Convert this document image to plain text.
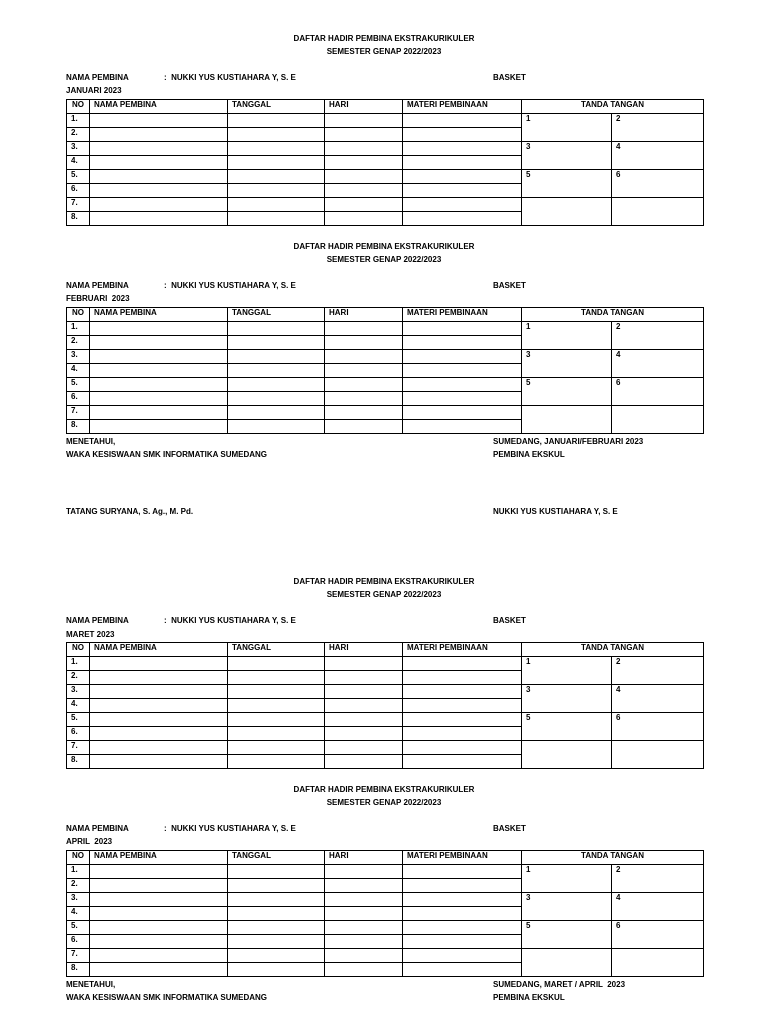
DAFTAR HADIR PEMBINA EKSTRAKURIKULER
SEMESTER GENAP 2022/2023
NAMA PEMBINA	:  NUKKI YUS KUSTIAHARA Y, S. E	BASKET
JANUARI 2023
NO	NAMA PEMBINA	TANGGAL	HARI	MATERI PEMBINAAN	TANDA TANGAN	
1.					1	2
2.						
3.					3	4
4.						
5.					5	6
6.						
7.						
8.						
DAFTAR HADIR PEMBINA EKSTRAKURIKULER
SEMESTER GENAP 2022/2023
NAMA PEMBINA	:  NUKKI YUS KUSTIAHARA Y, S. E	BASKET
FEBRUARI  2023
NO	NAMA PEMBINA	TANGGAL	HARI	MATERI PEMBINAAN	TANDA TANGAN	
1.					1	2
2.						
3.					3	4
4.						
5.					5	6
6.						
7.						
8.						
MENETAHUI,
WAKA KESISWAAN SMK INFORMATIKA SUMEDANG
SUMEDANG, JANUARI/FEBRUARI 2023
PEMBINA EKSKUL
TATANG SURYANA, S. Ag., M. Pd.	NUKKI YUS KUSTIAHARA Y, S. E
DAFTAR HADIR PEMBINA EKSTRAKURIKULER
SEMESTER GENAP 2022/2023
NAMA PEMBINA	:  NUKKI YUS KUSTIAHARA Y, S. E	BASKET
MARET 2023
NO	NAMA PEMBINA	TANGGAL	HARI	MATERI PEMBINAAN	TANDA TANGAN	
1.					1	2
2.						
3.					3	4
4.						
5.					5	6
6.						
7.						
8.						
DAFTAR HADIR PEMBINA EKSTRAKURIKULER
SEMESTER GENAP 2022/2023
NAMA PEMBINA	:  NUKKI YUS KUSTIAHARA Y, S. E	BASKET
APRIL  2023
NO	NAMA PEMBINA	TANGGAL	HARI	MATERI PEMBINAAN	TANDA TANGAN	
1.					1	2
2.						
3.					3	4
4.						
5.					5	6
6.						
7.						
8.						
MENETAHUI,
WAKA KESISWAAN SMK INFORMATIKA SUMEDANG
SUMEDANG, MARET / APRIL  2023
PEMBINA EKSKUL
